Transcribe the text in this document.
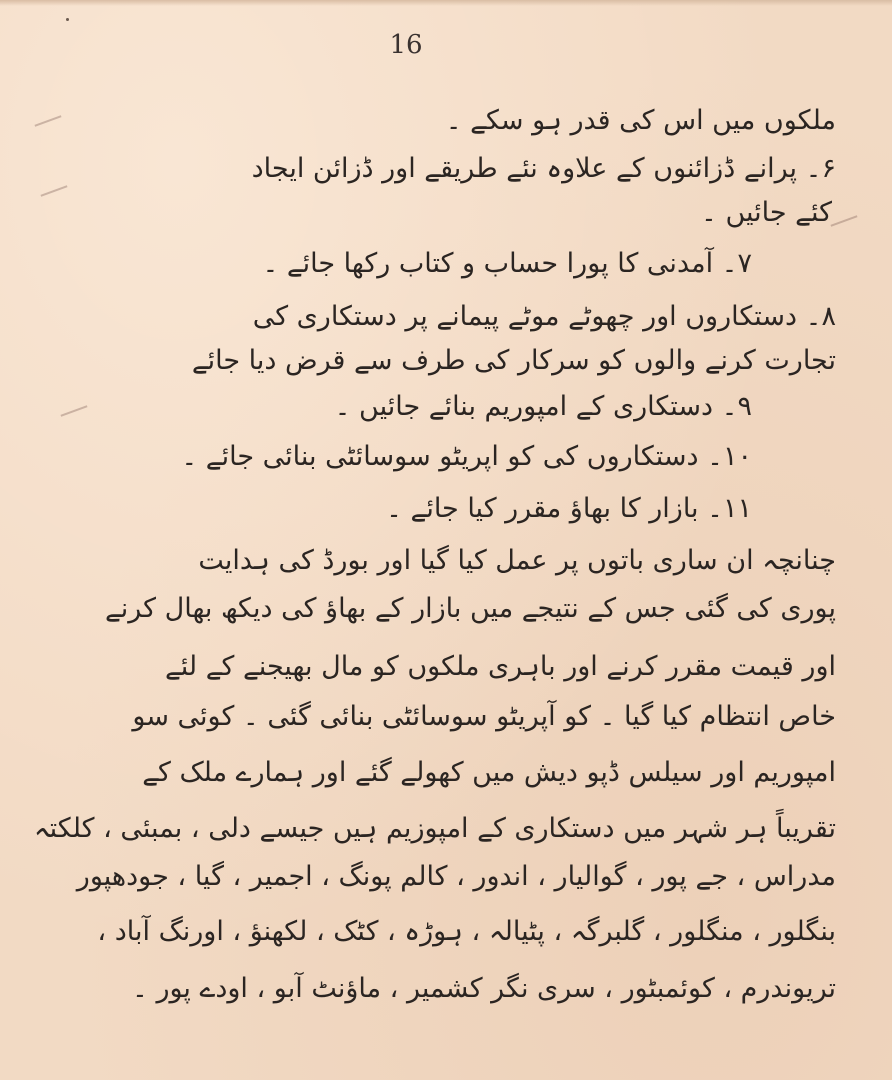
16
ملکوں میں اس کی قدر ہو سکے ۔
۶۔ پرانے ڈزائنوں کے علاوہ نئے طریقے اور ڈزائن ایجاد
کئے جائیں ۔
۷۔ آمدنی کا پورا حساب و کتاب رکھا جائے ۔
۸۔ دستکاروں اور چھوٹے موٹے پیمانے پر دستکاری کی
تجارت کرنے والوں کو سرکار کی طرف سے قرض دیا جائے
۹۔ دستکاری کے امپوریم بنائے جائیں ۔
۱۰۔ دستکاروں کی کو اپریٹو سوسائٹی بنائی جائے ۔
۱۱۔ بازار کا بھاؤ مقرر کیا جائے ۔
چنانچہ ان ساری باتوں پر عمل کیا گیا اور بورڈ کی ہدایت
پوری کی گئی جس کے نتیجے میں بازار کے بھاؤ کی دیکھ بھال کرنے
اور قیمت مقرر کرنے اور باہری ملکوں کو مال بھیجنے کے لئے
خاص انتظام کیا گیا ۔ کو آپریٹو سوسائٹی بنائی گئی ۔ کوئی سو
امپوریم اور سیلس ڈپو دیش میں کھولے گئے اور ہمارے ملک کے
تقریباً ہر شہر میں دستکاری کے امپوزیم ہیں جیسے دلی ، بمبئی ، کلکتہ
مدراس ، جے پور ، گوالیار ، اندور ، کالم پونگ ، اجمیر ، گیا ، جودھپور
بنگلور ، منگلور ، گلبرگہ ، پٹیالہ ، ہوڑہ ، کٹک ، لکھنؤ ، اورنگ آباد ،
تریوندرم ، کوئمبٹور ، سری نگر کشمیر ، ماؤنٹ آبو ، اودے پور ۔
